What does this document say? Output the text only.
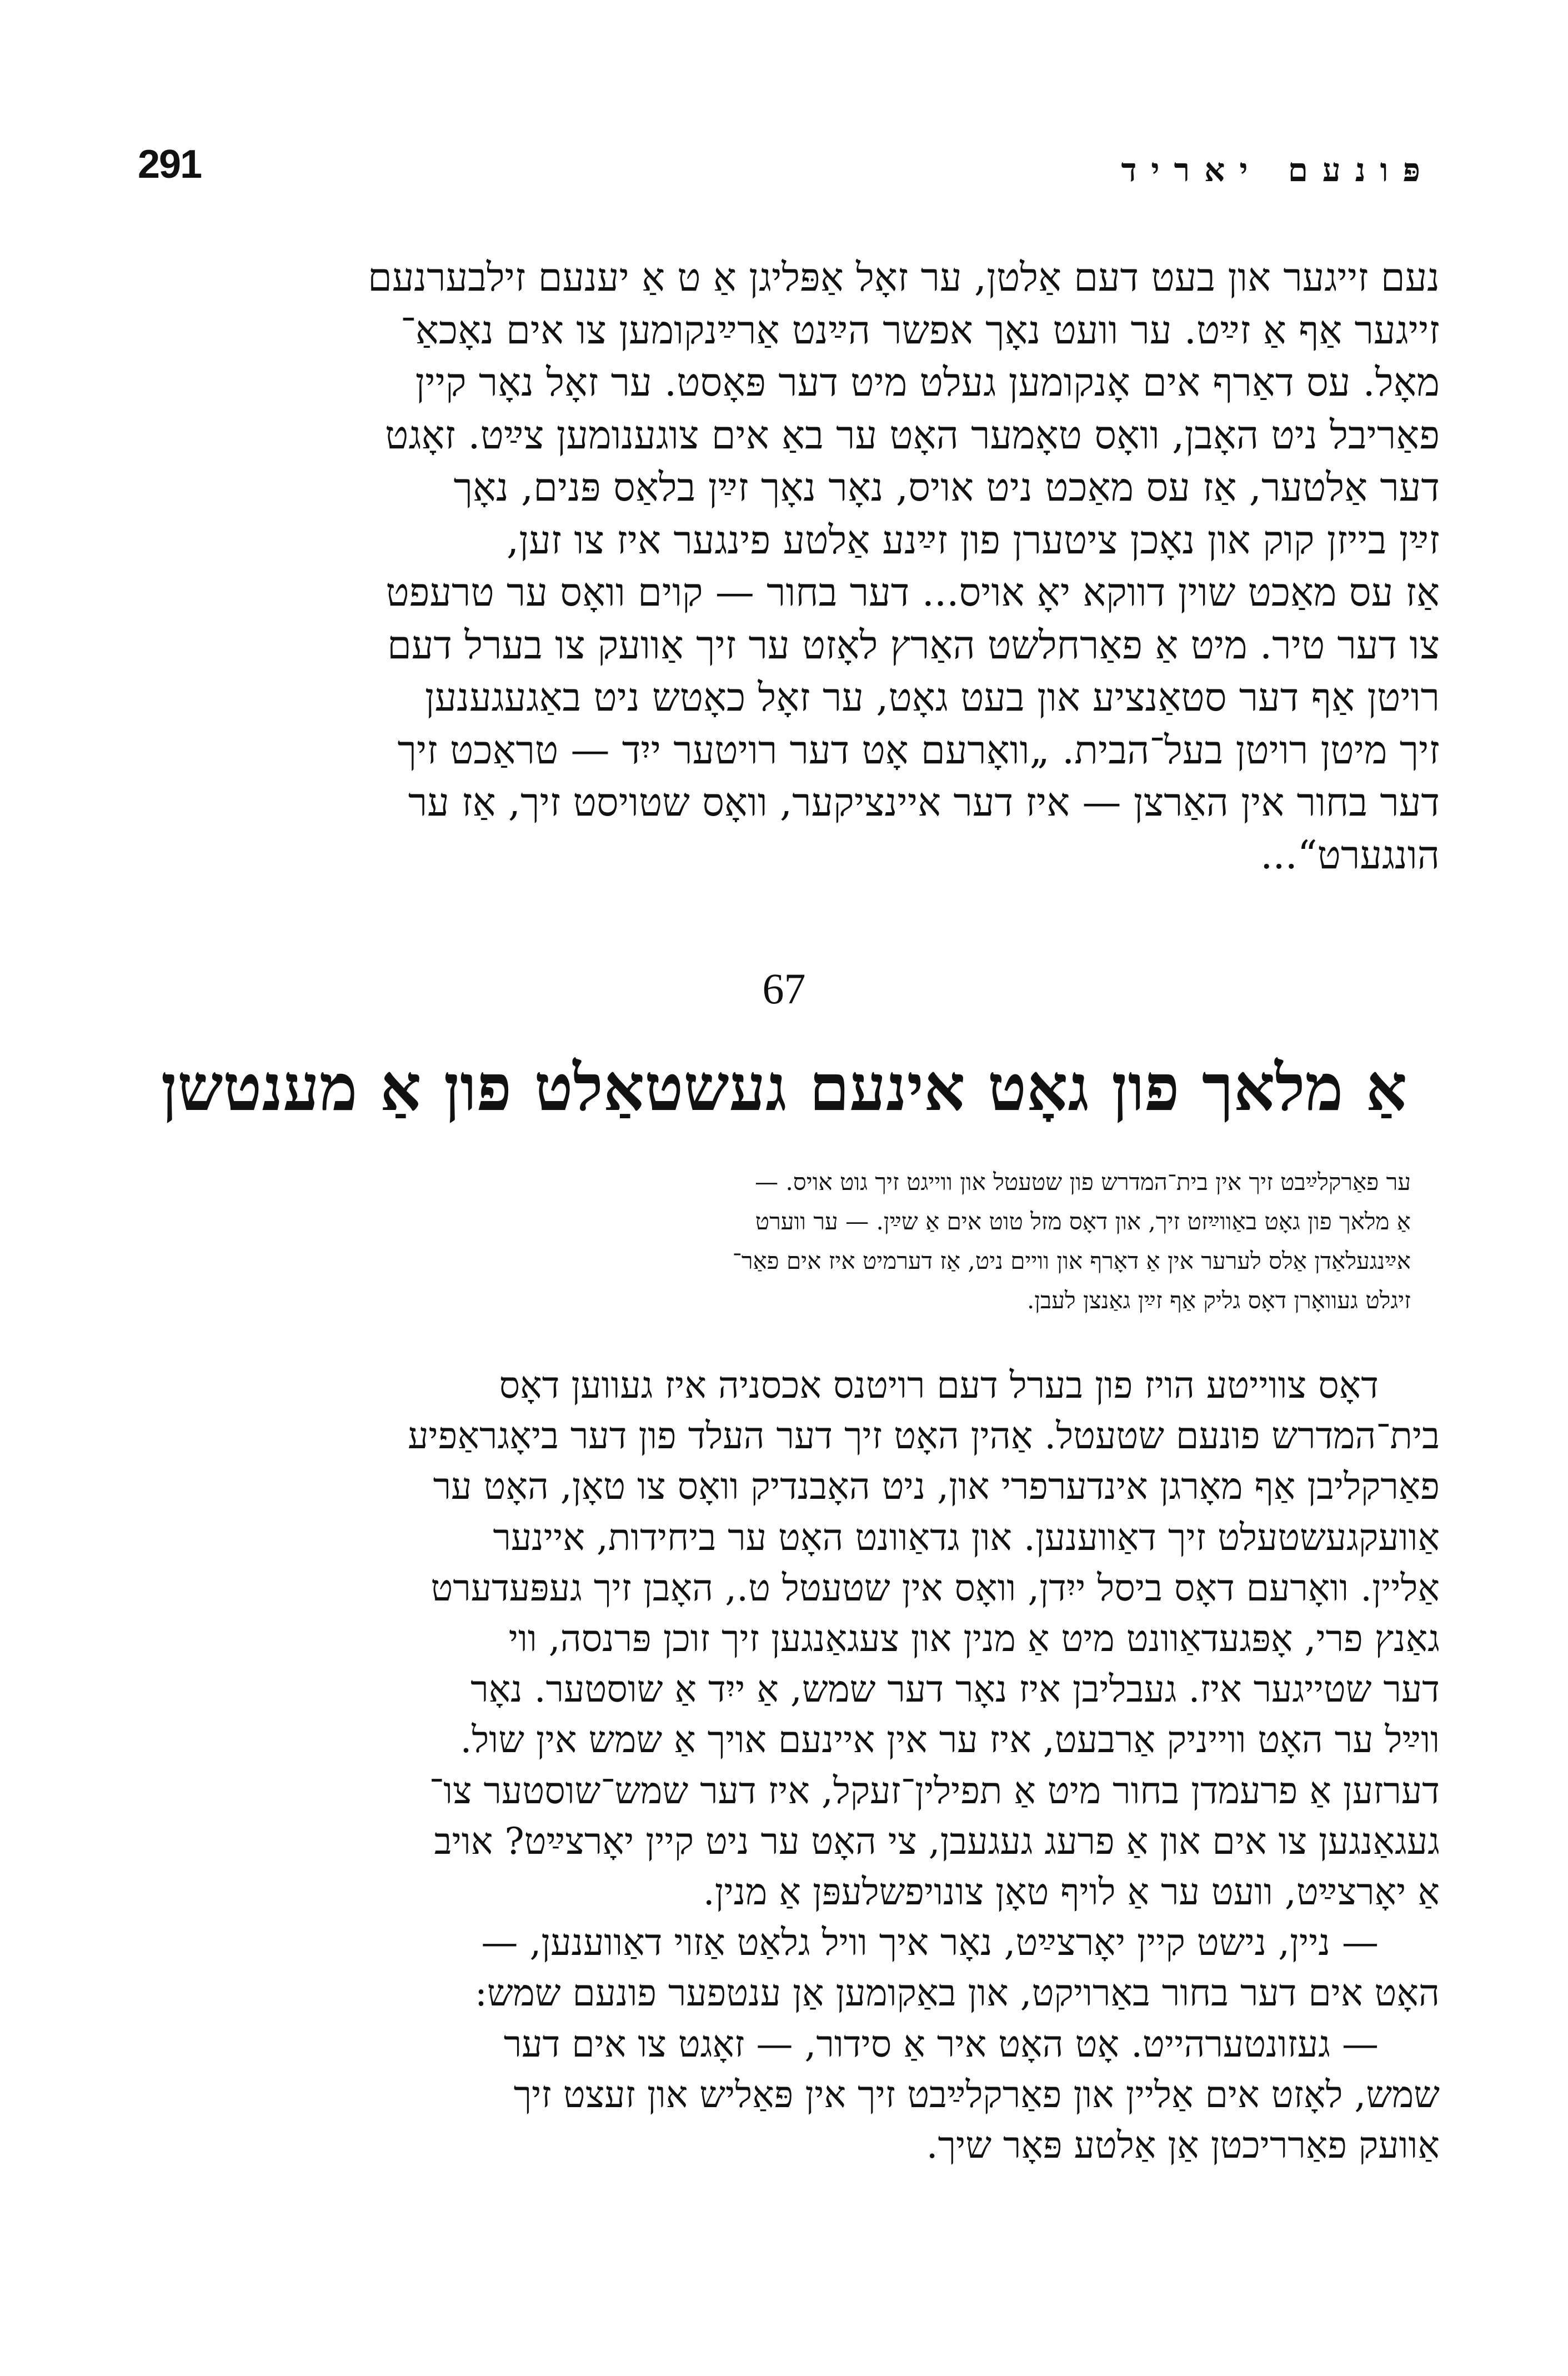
291	פּונעם יאריד
נעם זייגער און בעט דעם אַלטן, ער זאָל אַפּליגן אַ ט אַ יענעם זילבערנעם
זייגער אַף אַ זײַט. ער וועט נאָך אפשר הײַנט אַרײַנקומען צו אים נאָכאַ־
מאָל. עס דאַרף אים אָנקומען געלט מיט דער פּאָסט. ער זאָל נאָר קיין
פאַריבל ניט האָבן, וואָס טאָמער האָט ער באַ אים צוגענומען צײַט. זאָגט
דער אַלטער, אַז עס מאַכט ניט אויס, נאָר נאָך זײַן בלאַס פּנים, נאָך
זײַן בייזן קוק און נאָכן ציטערן פון זײַנע אַלטע פינגער איז צו זען,
אַז עס מאַכט שוין דווקא יאָ אויס... דער בחור — קוים וואָס ער טרעפט
צו דער טיר. מיט אַ פאַרחלשט האַרץ לאָזט ער זיך אַוועק צו בערל דעם
רויטן אַף דער סטאַנציע און בעט גאָט, ער זאָל כאָטש ניט באַגעגענען
זיך מיטן רויטן בעל־הבית. „וואָרעם אָט דער רויטער ייִד — טראַכט זיך
דער בחור אין האַרצן — איז דער איינציקער, וואָס שטויסט זיך, אַז ער
הונגערט“...
67
אַ מלאך פון גאָט אינעם געשטאַלט פון אַ מענטשן
ער פאַרקלײַבט זיך אין בית־המדרש פון שטעטל און ווייגט זיך גוט אויס. —
אַ מלאך פון גאָט באַווײַזט זיך, און דאָס מזל טוט אים אַ שײַן. — ער ווערט
אײַנגעלאַדן אַלס לערער אין אַ דאָרף און וויים ניט, אַז דערמיט איז אים פאַר־
זיגלט געוואָרן דאָס גליק אַף זײַן גאַנצן לעבן.
דאָס צווייטע הויז פון בערל דעם רויטנס אכסניה איז געווען דאָס
בית־המדרש פונעם שטעטל. אַהין האָט זיך דער העלד פון דער ביאָגראַפיע
פאַרקליבן אַף מאָרגן אינדערפרי און, ניט האָבנדיק וואָס צו טאָן, האָט ער
אַוועקגעשטעלט זיך דאַווענען. און גדאַוונט האָט ער ביחידות, איינער
אַליין. וואָרעם דאָס ביסל ייִדן, וואָס אין שטעטל ט., האָבן זיך געפּעדערט
גאַנץ פרי, אָפּגעדאַוונט מיט אַ מנין און צעגאַנגען זיך זוכן פּרנסה, ווי
דער שטייגער איז. געבליבן איז נאָר דער שמש, אַ ייִד אַ שוסטער. נאָר
ווײַל ער האָט ווייניק אַרבעט, איז ער אין איינעם אויך אַ שמש אין שול.
דערזען אַ פרעמדן בחור מיט אַ תפילין־זעקל, איז דער שמש־שוסטער צו־
געגאַנגען צו אים און אַ פרעג געגעבן, צי האָט ער ניט קיין יאָרצײַט? אויב
אַ יאָרצײַט, וועט ער אַ לויף טאָן צונויפשלעפּן אַ מנין.
— ניין, נישט קיין יאָרצײַט, נאָר איך וויל גלאַט אַזוי דאַווענען, —
האָט אים דער בחור באַרויקט, און באַקומען אַן ענטפער פונעם שמש:
— געזונטערהייט. אָט האָט איר אַ סידור, — זאָגט צו אים דער
שמש, לאָזט אים אַליין און פאַרקלײַבט זיך אין פּאַליש און זעצט זיך
אַוועק פאַרריכטן אַן אַלטע פּאָר שיך.
